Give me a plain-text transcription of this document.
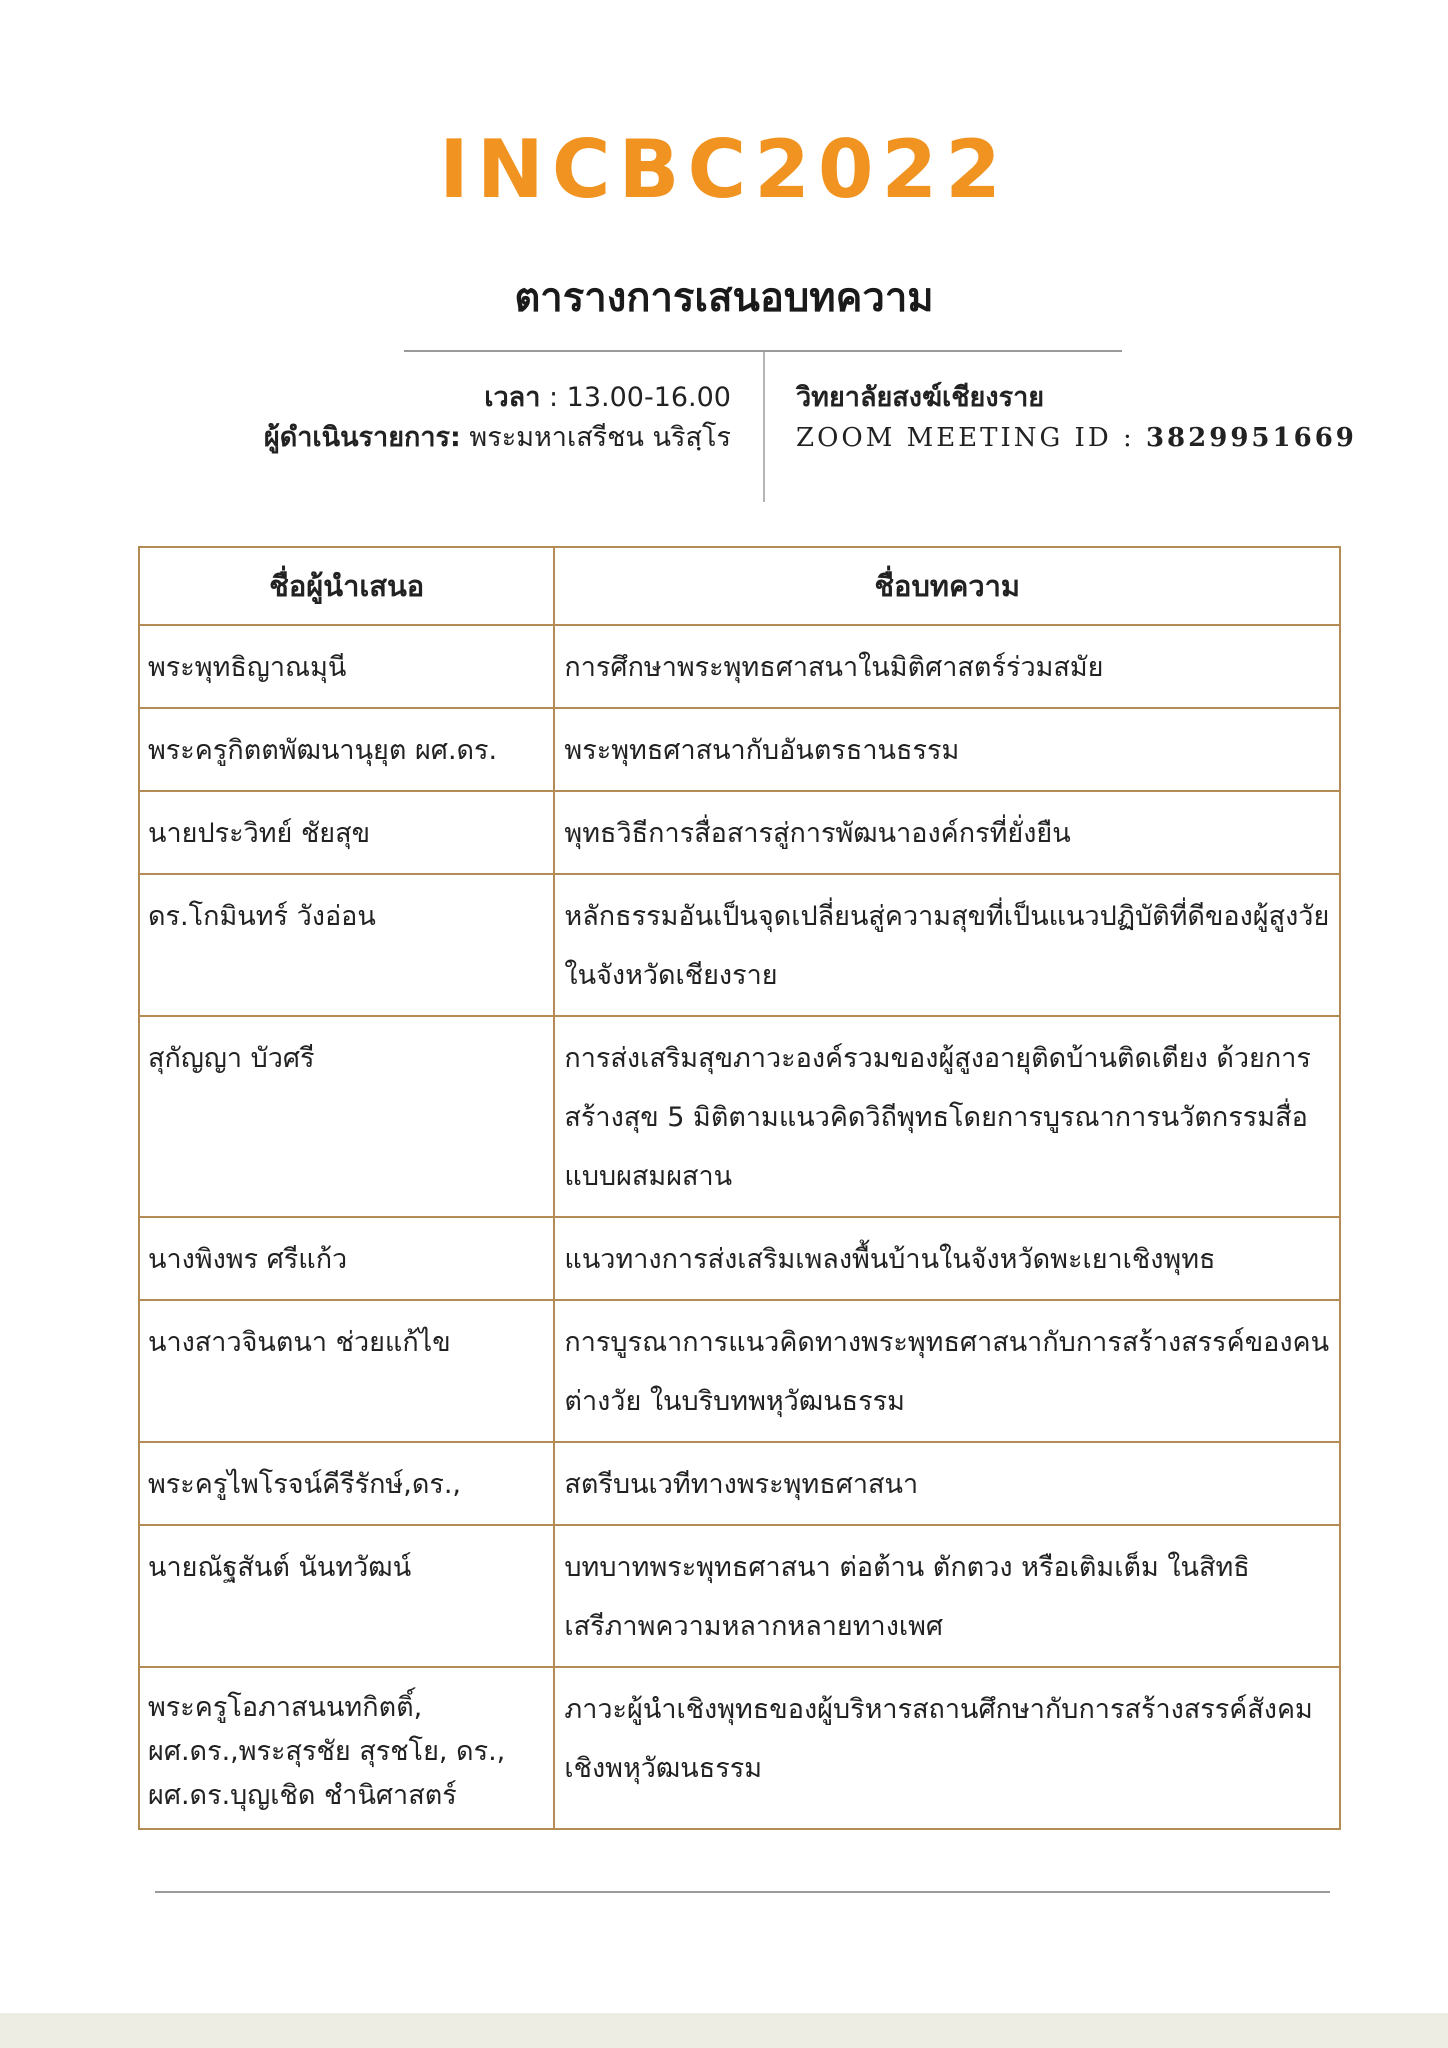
INCBC2022
ตารางการเสนอบทความ
เวลา : 13.00-16.00
ผู้ดำเนินรายการ: พระมหาเสรีชน นริสฺโร
วิทยาลัยสงฆ์เชียงราย
ZOOM MEETING ID : 3829951669
ชื่อผู้นำเสนอ	ชื่อบทความ
พระพุทธิญาณมุนี	การศึกษาพระพุทธศาสนาในมิติศาสตร์ร่วมสมัย
พระครูกิตตพัฒนานุยุต ผศ.ดร.	พระพุทธศาสนากับอันตรธานธรรม
นายประวิทย์ ชัยสุข	พุทธวิธีการสื่อสารสู่การพัฒนาองค์กรที่ยั่งยืน
ดร.โกมินทร์ วังอ่อน	หลักธรรมอันเป็นจุดเปลี่ยนสู่ความสุขที่เป็นแนวปฏิบัติที่ดีของผู้สูงวัยในจังหวัดเชียงราย
สุกัญญา บัวศรี	การส่งเสริมสุขภาวะองค์รวมของผู้สูงอายุติดบ้านติดเตียง ด้วยการสร้างสุข 5 มิติตามแนวคิดวิถีพุทธโดยการบูรณาการนวัตกรรมสื่อแบบผสมผสาน
นางพิงพร ศรีแก้ว	แนวทางการส่งเสริมเพลงพื้นบ้านในจังหวัดพะเยาเชิงพุทธ
นางสาวจินตนา ช่วยแก้ไข	การบูรณาการแนวคิดทางพระพุทธศาสนากับการสร้างสรรค์ของคนต่างวัย ในบริบทพหุวัฒนธรรม
พระครูไพโรจน์คีรีรักษ์,ดร.,	สตรีบนเวทีทางพระพุทธศาสนา
นายณัฐสันต์ นันทวัฒน์	บทบาทพระพุทธศาสนา ต่อต้าน ตักตวง หรือเติมเต็ม ในสิทธิเสรีภาพความหลากหลายทางเพศ
พระครูโอภาสนนทกิตติ์, ผศ.ดร.,พระสุรชัย สุรชโย, ดร., ผศ.ดร.บุญเชิด ชำนิศาสตร์	ภาวะผู้นำเชิงพุทธของผู้บริหารสถานศึกษากับการสร้างสรรค์สังคมเชิงพหุวัฒนธรรม
